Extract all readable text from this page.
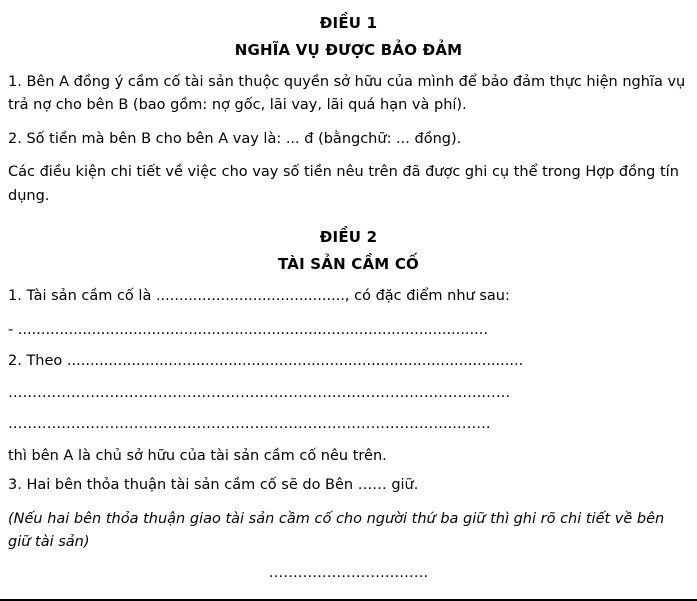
ĐIỀU 1
NGHĨA VỤ ĐƯỢC BẢO ĐẢM

1. Bên A đồng ý cầm cố tài sản thuộc quyền sở hữu của mình để bảo đảm thực hiện nghĩa vụ trả nợ cho bên B (bao gồm: nợ gốc, lãi vay, lãi quá hạn và phí).

2. Số tiền mà bên B cho bên A vay là: ... đ (bằngchữ: ... đồng).

Các điều kiện chi tiết về việc cho vay số tiền nêu trên đã được ghi cụ thể trong Hợp đồng tín dụng.

ĐIỀU 2
TÀI SẢN CẦM CỐ

1. Tài sản cầm cố là ........................................., có đặc điểm như sau:

- ......................................................................................................

2. Theo ...................................................................................................

……………………………………………………………………………………..……

………………………………………………………………………………...…….

thì bên A là chủ sở hữu của tài sản cầm cố nêu trên.

3. Hai bên thỏa thuận tài sản cầm cố sẽ do Bên …… giữ.

(Nếu hai bên thỏa thuận giao tài sản cầm cố cho người thứ ba giữ thì ghi rõ chi tiết về bên giữ tài sản)

……………………………
